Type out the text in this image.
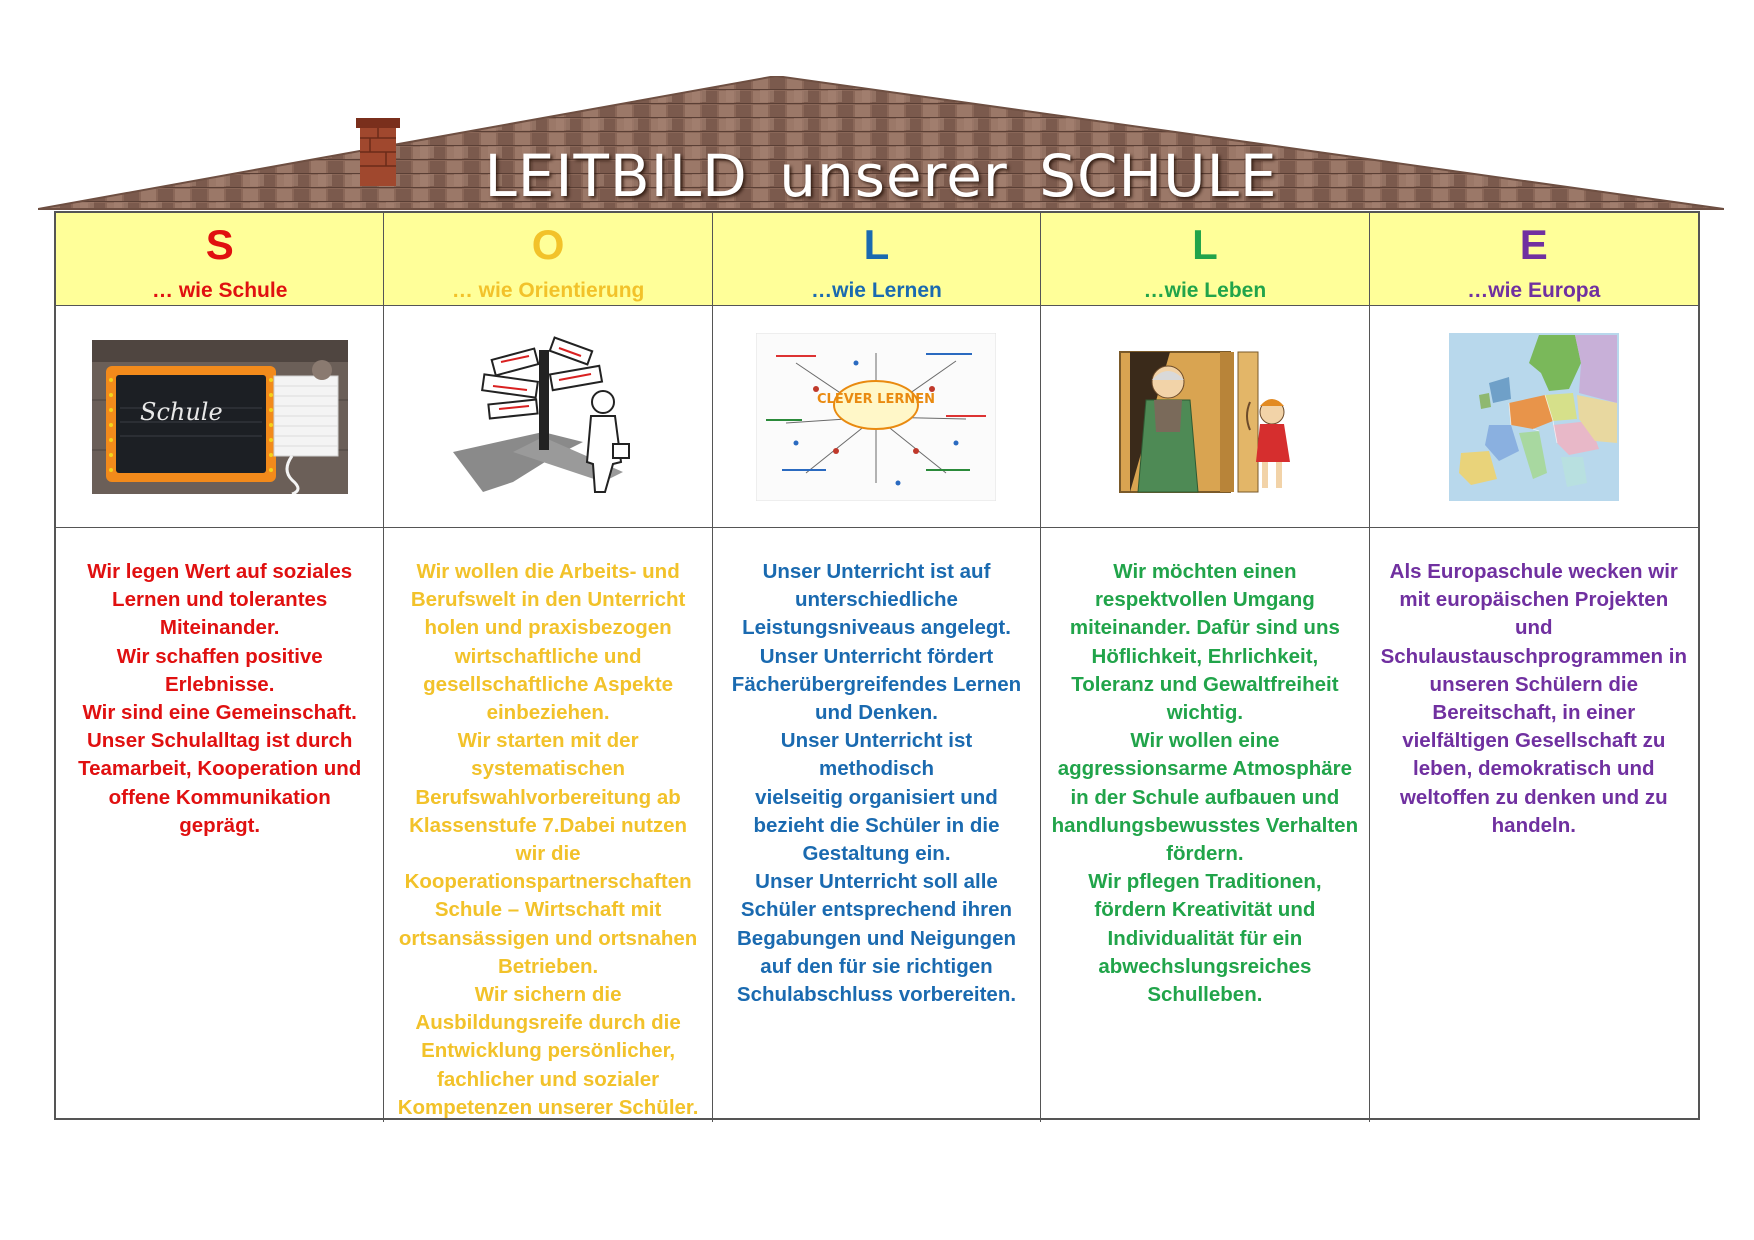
LEITBILD unserer SCHULE
S
… wie Schule
O
… wie Orientierung
L
…wie Lernen
L
…wie Leben
E
…wie Europa
Schule	CLEVER LERNEN
Wir legen Wert auf soziales
Lernen und tolerantes
Miteinander.
Wir schaffen positive
Erlebnisse.
Wir sind eine Gemeinschaft.
Unser Schulalltag ist durch
Teamarbeit, Kooperation und
offene Kommunikation geprägt.
Wir wollen die Arbeits- und
Berufswelt in den Unterricht
holen und praxisbezogen
wirtschaftliche und
gesellschaftliche Aspekte
einbeziehen.
Wir starten mit der
systematischen
Berufswahlvorbereitung ab
Klassenstufe 7.Dabei nutzen
wir die
Kooperationspartnerschaften
Schule – Wirtschaft mit
ortsansässigen und ortsnahen
Betrieben.
Wir sichern die
Ausbildungsreife durch die
Entwicklung persönlicher,
fachlicher und sozialer
Kompetenzen unserer Schüler.
Unser Unterricht ist auf
unterschiedliche
Leistungsniveaus angelegt.
Unser Unterricht fördert
Fächerübergreifendes Lernen
und Denken.
Unser Unterricht ist methodisch
vielseitig organisiert und
bezieht die Schüler in die
Gestaltung ein.
Unser Unterricht soll alle
Schüler entsprechend ihren
Begabungen und Neigungen
auf den für sie richtigen
Schulabschluss vorbereiten.
Wir möchten einen
respektvollen Umgang
miteinander. Dafür sind uns
Höflichkeit, Ehrlichkeit,
Toleranz und Gewaltfreiheit
wichtig.
Wir wollen eine
aggressionsarme Atmosphäre
in der Schule aufbauen und
handlungsbewusstes Verhalten
fördern.
Wir pflegen Traditionen,
fördern Kreativität und
Individualität für ein
abwechslungsreiches
Schulleben.
Als Europaschule wecken wir
mit europäischen Projekten
und
Schulaustauschprogrammen in
unseren Schülern die
Bereitschaft, in einer
vielfältigen Gesellschaft zu
leben, demokratisch und
weltoffen zu denken und zu
handeln.
